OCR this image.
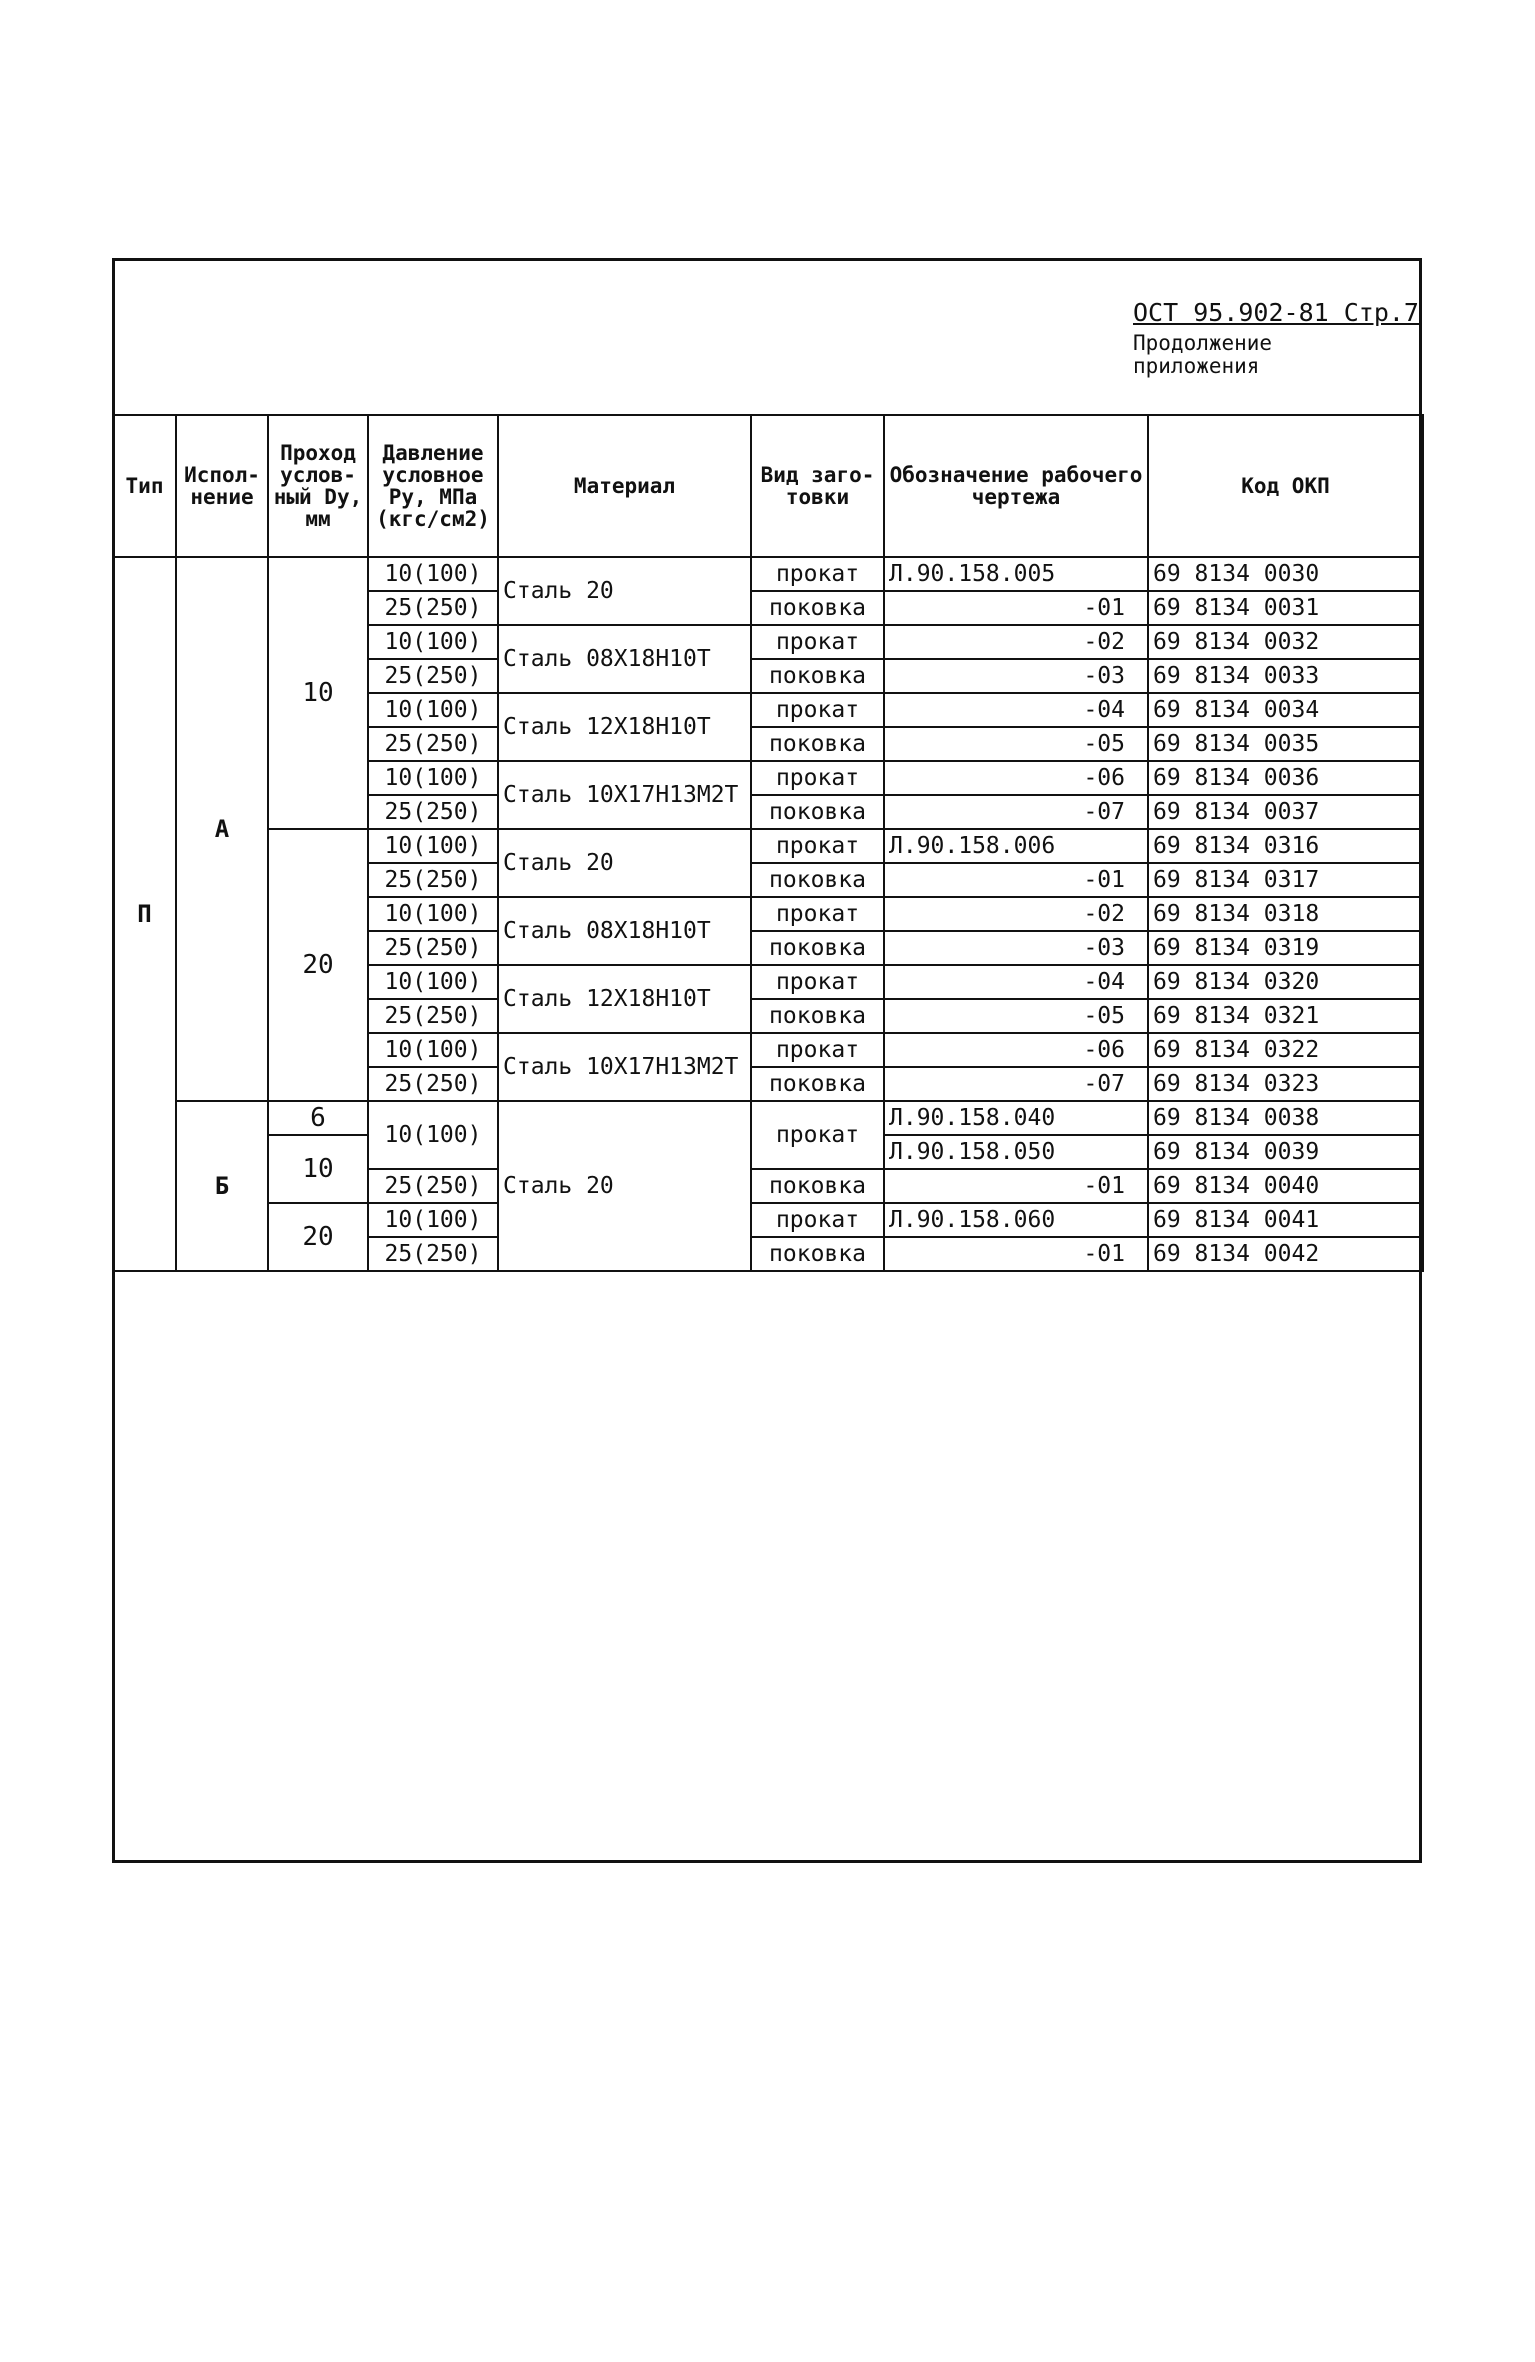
ОСТ 95.902-81 Стр.7
Продолжение
приложения
Тип	Испол- нение	Проход услов- ный Dу, мм	Давление условное Ру, МПа (кгс/см2)	Материал	Вид заго- товки	Обозначение рабочего чертежа	Код ОКП
П	А	10	10(100)	Сталь 20	прокат	Л.90.158.005	69 8134 0030
			25(250)		поковка	-01	69 8134 0031
			10(100)	Сталь 08Х18Н10Т	прокат	-02	69 8134 0032
			25(250)		поковка	-03	69 8134 0033
			10(100)	Сталь 12Х18Н10Т	прокат	-04	69 8134 0034
			25(250)		поковка	-05	69 8134 0035
			10(100)	Сталь 10Х17Н13М2Т	прокат	-06	69 8134 0036
			25(250)		поковка	-07	69 8134 0037
		20	10(100)	Сталь 20	прокат	Л.90.158.006	69 8134 0316
			25(250)		поковка	-01	69 8134 0317
			10(100)	Сталь 08Х18Н10Т	прокат	-02	69 8134 0318
			25(250)		поковка	-03	69 8134 0319
			10(100)	Сталь 12Х18Н10Т	прокат	-04	69 8134 0320
			25(250)		поковка	-05	69 8134 0321
			10(100)	Сталь 10Х17Н13М2Т	прокат	-06	69 8134 0322
			25(250)		поковка	-07	69 8134 0323
	Б	6	10(100)	Сталь 20	прокат	Л.90.158.040	69 8134 0038
		10				Л.90.158.050	69 8134 0039
			25(250)		поковка	-01	69 8134 0040
		20	10(100)		прокат	Л.90.158.060	69 8134 0041
			25(250)		поковка	-01	69 8134 0042
